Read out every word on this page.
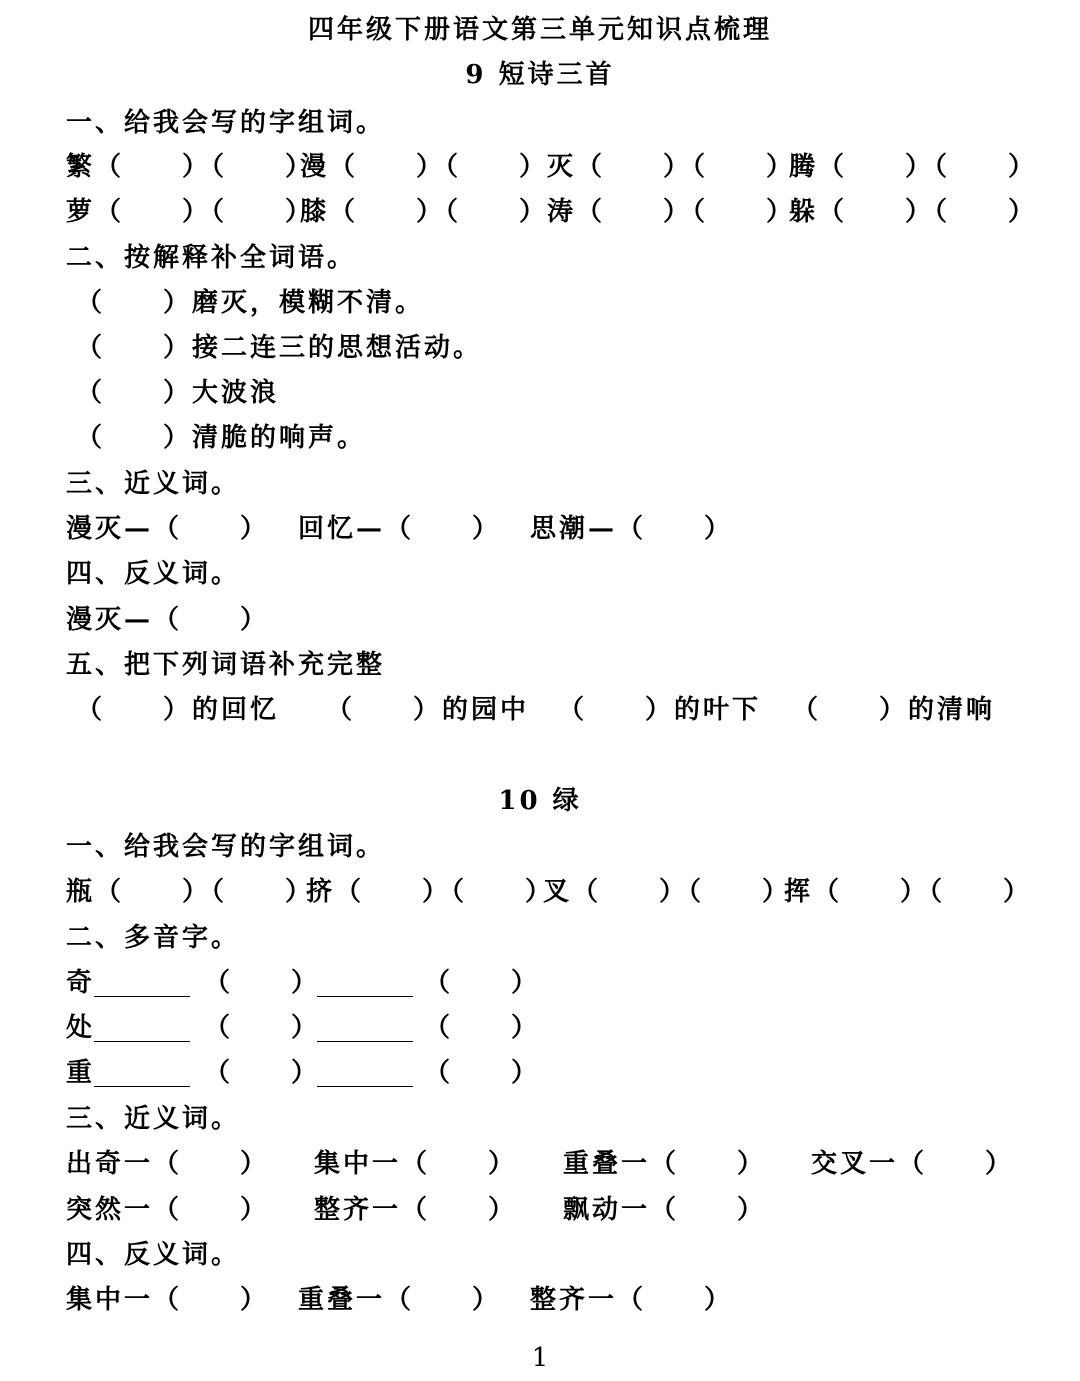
四年级下册语文第三单元知识点梳理
9 短诗三首
一、给我会写的字组词。
繁（　　）（　　）
漫（　　）（　　）
灭（　　）（　　）
腾（　　）（　　）
萝（　　）（　　）
膝（　　）（　　）
涛（　　）（　　）
躲（　　）（　　）
二、按解释补全词语。
（　　）磨灭，模糊不清。
（　　）接二连三的思想活动。
（　　）大波浪
（　　）清脆的响声。
三、近义词。
漫灭—（　　）	回忆—（　　）	思潮—（　　）
四、反义词。
漫灭—（　　）
五、把下列词语补充完整
（　　）的回忆	（　　）的园中	（　　）的叶下	（　　）的清响
10 绿
一、给我会写的字组词。
瓶（　　）（　　）
挤（　　）（　　）
叉（　　）（　　）
挥（　　）（　　）
二、多音字。
奇	（　　）	（　　）
处	（　　）	（　　）
重	（　　）	（　　）
三、近义词。
出奇一（　　）	集中一（　　）	重叠一（　　）	交叉一（　　）
突然一（　　）	整齐一（　　）	飘动一（　　）
四、反义词。
集中一（　　）	重叠一（　　）	整齐一（　　）
1
